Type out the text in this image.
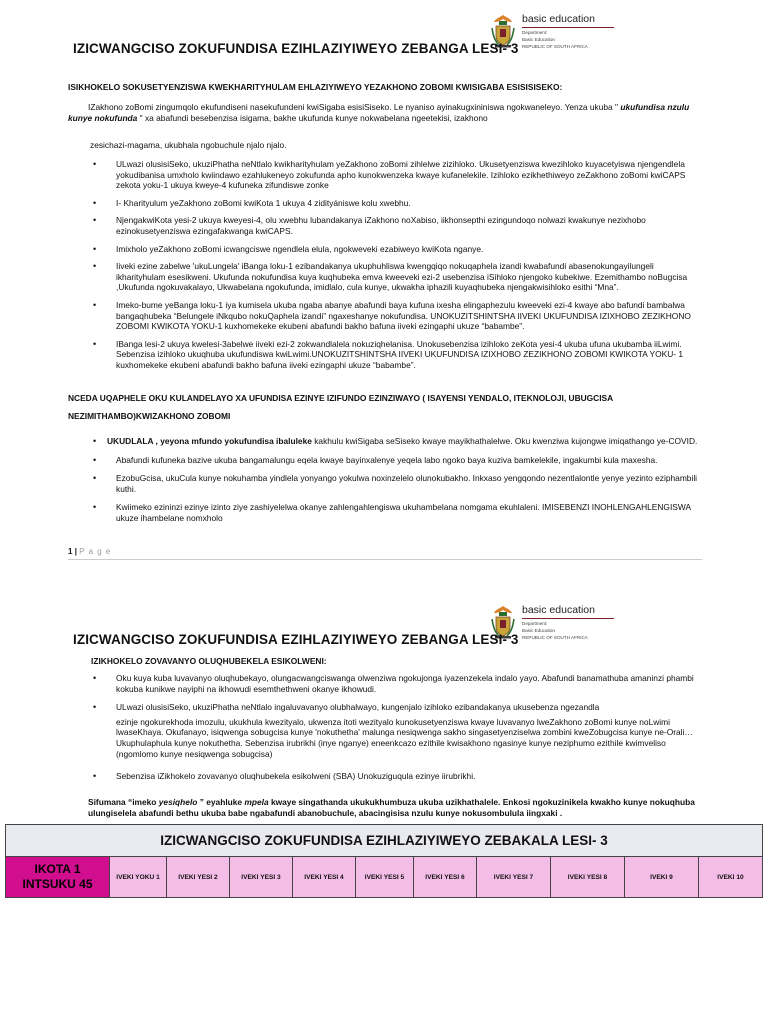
basic education
Department:
Basic Education
REPUBLIC OF SOUTH AFRICA
IZICWANGCISO ZOKUFUNDISA EZIHLAZIYIWEYO ZEBANGA LESI- 3
ISIKHOKELO SOKUSETYENZISWA KWEKHARITYHULAM EHLAZIYIWEYO YEZAKHONO ZOBOMI KWISIGABA ESISISISEKO:
IZakhono zoBomi zingumqolo ekufundiseni nasekufundeni kwiSigaba esisiSiseko. Le nyaniso ayinakugxininiswa ngokwaneleyo. Yenza ukuba " ukufundisa nzulu kunye nokufunda " xa abafundi besebenzisa isigama, bakhe ukufunda kunye nokwabelana ngeetekisi, izakhono
zesichazi-magama, ukubhala ngobuchule njalo njalo.
• ULwazi olusisiSeko, ukuziPhatha neNtlalo kwikharityhulam yeZakhono zoBomi zihlelwe zizihloko. Ukusetyenziswa kwezihloko kuyacetyiswa njengendlela yokudibanisa umxholo kwiindawo ezahlukeneyo zokufunda apho kunokwenzeka kwaye kufanelekile. Izihloko ezikhethiweyo zeZakhono zoBomi kwiCAPS zekota yoku-1 ukuya kweye-4 kufuneka zifundiswe zonke
• I- Kharityulum yeZakhono zoBomi kwiKota 1 ukuya 4 zidityániswe kolu xwebhu.
• NjengakwiKota yesi-2 ukuya kweyesi-4, olu xwebhu lubandakanya iZakhono noXabiso, iikhonsepthi ezingundoqo nolwazi kwakunye nezixhobo ezinokusetyenziswa ezingafakwanga kwiCAPS.
• Imixholo yeZakhono zoBomi icwangciswe ngendlela elula, ngokweveki ezabiweyo kwiKota nganye.
• Iiveki ezine zabelwe 'ukuLungela' iBanga loku-1 ezibandakanya ukuphuhliswa kwengqiqo nokuqaphela izandi kwabafundi abasenokungayilungeli ikharityhulam esesikweni. Ukufunda nokufundisa kuya kuqhubeka emva kweeveki ezi-2 usebenzisa iSihloko njengoko kubekiwe. Ezemithambo noBugcisa ,Ukufunda ngokuvakalayo, Ukwabelana ngokufunda, imidlalo, cula kunye, ukwakha iphazili kuyaqhubeka njengakwisihloko esithi “Mna”.
• Imeko-bume yeBanga loku-1 iya kumisela ukuba ngaba abanye abafundi baya kufuna ixesha elingaphezulu kweeveki ezi-4 kwaye abo bafundi bambalwa bangaqhubeka “Belungele iNkqubo nokuQaphela izandi” ngaxeshanye nokufundisa. UNOKUZITSHINTSHA IIVEKI UKUFUNDISA IZIXHOBO ZEZIKHONO ZOBOMI KWIKOTA YOKU-1 kuxhomekeke ekubeni abafundi bakho bafuna iiveki ezingaphi ukuze “babambe”.
• IBanga lesi-2 ukuya kwelesi-3abelwe iiveki ezi-2 zokwandlalela nokuziqhelanisa. Unokusebenzisa izihloko zeKota yesi-4 ukuba ufuna ukubamba iiLwimi. Sebenzisa izihloko ukuqhuba ukufundiswa kwiLwimi.UNOKUZITSHINTSHA IIVEKI UKUFUNDISA IZIXHOBO ZEZIKHONO ZOBOMI KWIKOTA YOKU- 1 kuxhomekeke ekubeni abafundi bakho bafuna iiveki ezingaphi ukuze “babambe”.
NCEDA UQAPHELE OKU KULANDELAYO XA UFUNDISA EZINYE IZIFUNDO EZINZIWAYO ( ISAYENSI YENDALO, ITEKNOLOJI, UBUGCISA
NEZIMITHAMBO)KWIZAKHONO ZOBOMI
• UKUDLALA , yeyona mfundo yokufundisa ibaluleke kakhulu kwiSigaba seSiseko kwaye mayikhathalelwe. Oku kwenziwa kujongwe imiqathango ye-COVID.
• Abafundi kufuneka bazive ukuba bangamalungu eqela kwaye bayinxalenye yeqela labo ngoko baya kuziva bamkelekile, ingakumbi kula maxesha.
• EzobuGcisa, ukuCula kunye nokuhamba yindlela yonyango yokulwa noxinzelelo olunokubakho. Inkxaso yengqondo nezentlalontle yenye yezinto eziphambili kuthi.
• Kwiimeko ezininzi ezinye izinto ziye zashiyelelwa okanye zahlengahlengiswa ukuhambelana nomgama ekuhlaleni. IMISEBENZI INOHLENGAHLENGISWA ukuze ihambelane nomxholo
1 | P a g e
basic education
Department:
Basic Education
REPUBLIC OF SOUTH AFRICA
IZICWANGCISO ZOKUFUNDISA EZIHLAZIYIWEYO ZEBANGA LESI- 3
IZIKHOKELO ZOVAVANYO OLUQHUBEKELA ESIKOLWENI:
• Oku kuya kuba luvavanyo oluqhubekayo, olungacwangciswanga olwenziwa ngokujonga iyazenzekela indalo yayo. Abafundi banamathuba amaninzi phambi kokuba kunikwe nayiphi na ikhowudi esemthethweni okanye ikhowudi.
• ULwazi olusisiSeko, ukuziPhatha neNtlalo ingaluvavanyo olubhalwayo, kungenjalo izihloko ezibandakanya ukusebenza ngezandla
ezinje ngokurekhoda imozulu, ukukhula kwezityalo, ukwenza itoti wezityalo kunokusetyenziswa kwaye luvavanyo lweZakhono zoBomi kunye noLwimi lwaseKhaya. Okufanayo, isiqwenga sobugcisa kunye 'nokuthetha' malunga nesiqwenga sakho singasetyenziselwa zombini kweZobugcisa kunye ne-Orali… Ukuphulaphula kunye nokuthetha. Sebenzisa irubrikhi (inye nganye) eneenkcazo ezithile kwisakhono ngasinye kunye neziphumo ezithile kwimveliso (ngomlomo kunye nesiqwenga sobugcisa)
• Sebenzisa iZikhokelo zovavanyo oluqhubekela esikolweni (SBA) Unokuziguqula ezinye iirubrikhi.
Sifumana “imeko yesiqhelo ” eyahluke mpela kwaye singathanda ukukukhumbuza ukuba uzikhathalele. Enkosi ngokuzinikela kwakho kunye nokuqhuba ulungiselela abafundi bethu ukuba babe ngabafundi abanobuchule, abacingisisa nzulu kunye nokusombulula iingxaki .
IZICWANGCISO ZOKUFUNDISA EZIHLAZIYIWEYO ZEBAKALA LESI- 3
IKOTA 1
INTSUKU 45	IVEKI YOKU 1	IVEKI YESI 2	IVEKI YESI 3	IVEKI YESI 4	IVEKI YESI 5	IVEKI YESI 6	IVEKI YESI 7	IVEKI YESI 8	IVEKI 9	IVEKI 10
